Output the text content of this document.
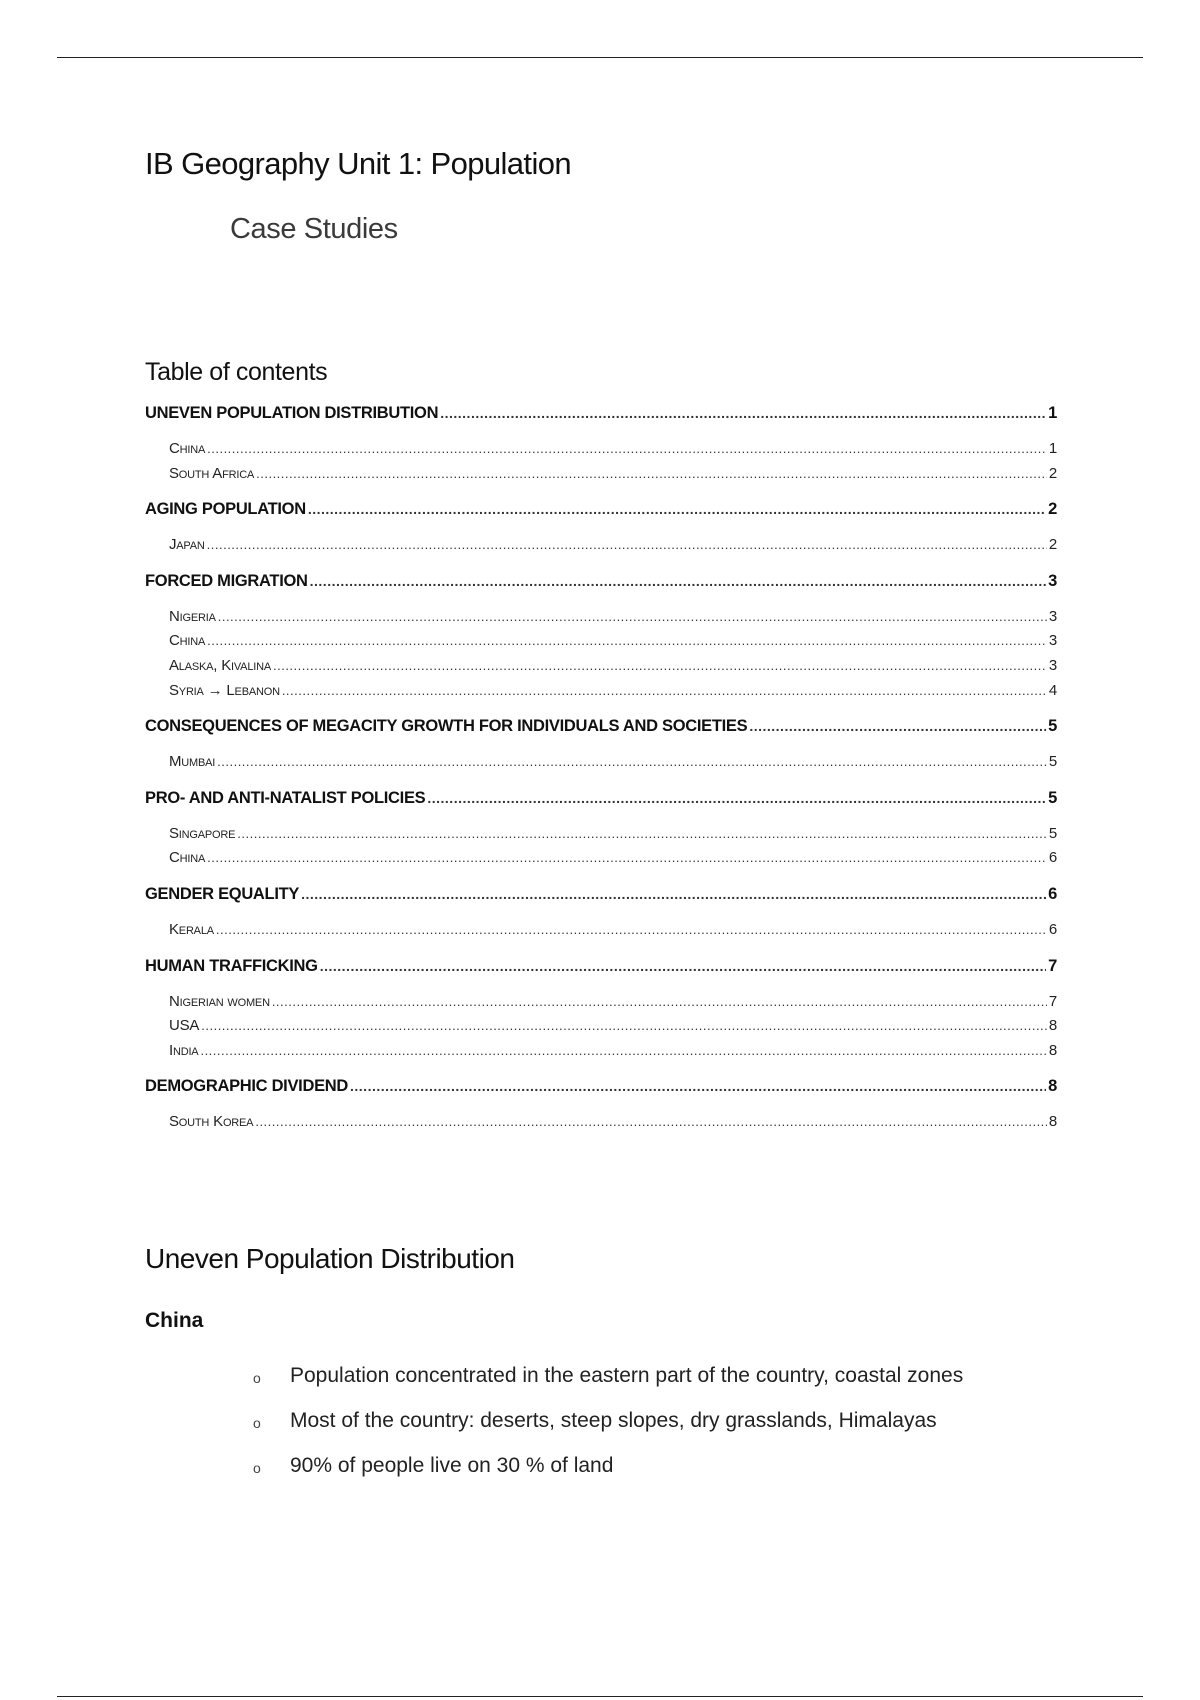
IB Geography Unit 1: Population
Case Studies
Table of contents
UNEVEN POPULATION DISTRIBUTION .....	1
China .....	1
South Africa .....	2
AGING POPULATION .....	2
Japan .....	2
FORCED MIGRATION .....	3
Nigeria .....	3
China .....	3
Alaska, Kivalina .....	3
Syria → Lebanon .....	4
CONSEQUENCES OF MEGACITY GROWTH FOR INDIVIDUALS AND SOCIETIES .....	5
Mumbai .....	5
PRO- AND ANTI-NATALIST POLICIES .....	5
Singapore .....	5
China .....	6
GENDER EQUALITY .....	6
Kerala .....	6
HUMAN TRAFFICKING .....	7
Nigerian women .....	7
USA .....	8
India .....	8
DEMOGRAPHIC DIVIDEND .....	8
South Korea .....	8
Uneven Population Distribution
China
o	Population concentrated in the eastern part of the country, coastal zones
o	Most of the country: deserts, steep slopes, dry grasslands, Himalayas
o	90% of people live on 30 % of land
